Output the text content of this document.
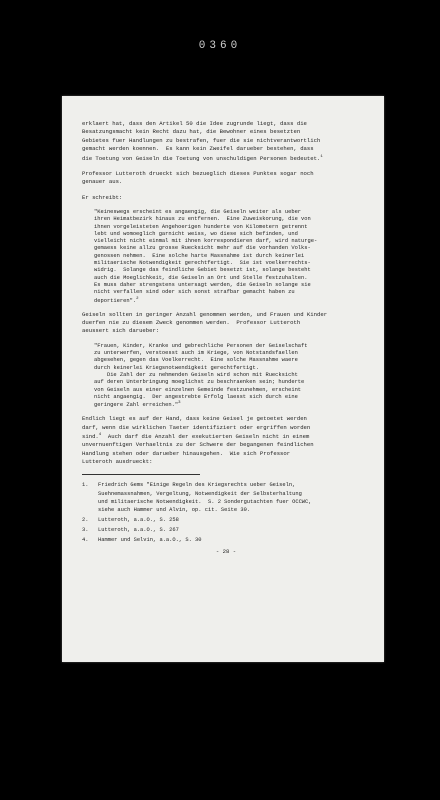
0360

erklaert hat, dass den Artikel 50 die Idee zugrunde liegt, dass die
Besatzungsmacht kein Recht dazu hat, die Bewohner eines besetzten
Gebietes fuer Handlungen zu bestrafen, fuer die sie nichtverantwortlich
gemacht werden koennen.  Es kann kein Zweifel darueber bestehen, dass
die Toetung von Geiseln die Toetung von unschuldigen Personen bedeutet.$^1$

Professor Lutteroth drueckt sich bezueglich dieses Punktes sogar noch
genauer aus.

Er schreibt:

"Keineswegs erscheint es angaengig, die Geiseln weiter als ueber
ihren Heimatbezirk hinaus zu entfernen.  Eine Zuweiskorung, die von
ihnen vorgeleisteten Angehoerigen hunderte von Kilometern getrennt
lebt und womoeglich garnicht weiss, wo diese sich befinden, und
vielleicht nicht einmal mit ihnen korrespondieren darf, wird naturge-
gemaess keine allzu grosse Ruecksicht mehr auf die vorhanden Volks-
genossen nehmen.  Eine solche harte Massnahme ist durch keinerlei
militaerische Notwendigkeit gerechtfertigt.  Sie ist voelkerrechts-
widrig.  Solange das feindliche Gebiet besetzt ist, solange besteht
auch die Moeglichkeit, die Geiseln an Ort und Stelle festzuhalten.
Es muss daher strengstens untersagt werden, die Geiseln solange sie
nicht verfallen sind oder sich sonst strafbar gemacht haben zu
deportieren".$^2$

Geiseln sollten in geringer Anzahl genommen werden, und Frauen und Kinder
duerfen nie zu diesem Zweck genommen werden.  Professor Lutteroth
aeussert sich darueber:

"Frauen, Kinder, Kranke und gebrechliche Personen der Geiselschaft
zu unterwerfen, verstoesst auch im Kriege, von Notstandsfaellen
abgesehen, gegen das Voelkerrecht.  Eine solche Massnahme waere
durch keinerlei Kriegsnotwendigkeit gerechtfertigt.
Die Zahl der zu nehmenden Geiseln wird schon mit Ruecksicht
auf deren Unterbringung moeglichst zu beschraenken sein; hunderte
von Geiseln aus einer einzelnen Gemeinde festzunehmen, erscheint
nicht angaengig.  Der angestrebte Erfolg laesst sich durch eine
geringere Zahl erreichen."$^3$

Endlich liegt es auf der Hand, dass keine Geisel je getoetet werden
darf, wenn die wirklichen Taeter identifiziert oder ergriffen worden
sind.$^4$  Auch darf die Anzahl der exekutierten Geiseln nicht in einem
unvernuenftigen Verhaeltnis zu der Schwere der begangenen feindlichen
Handlung stehen oder darueber hinausgehen.  Wie sich Professor
Lutteroth ausdrueckt:

1.	Friedrich Gems "Einige Regeln des Kriegsrechts ueber Geiseln,
Suehnemassnahmen, Vergeltung, Notwendigkeit der Selbsterhaltung
und militaerische Notwendigkeit.  S. 2 Sondergutachten fuer OCCWC,
siehe auch Hammer und Alvin, op. cit. Seite 30.
2.	Lutteroth, a.a.O., S. 258
3.	Lutteroth, a.a.O., S. 267
4.	Hammer und Selvin, a.a.O., S. 30
- 28 -
